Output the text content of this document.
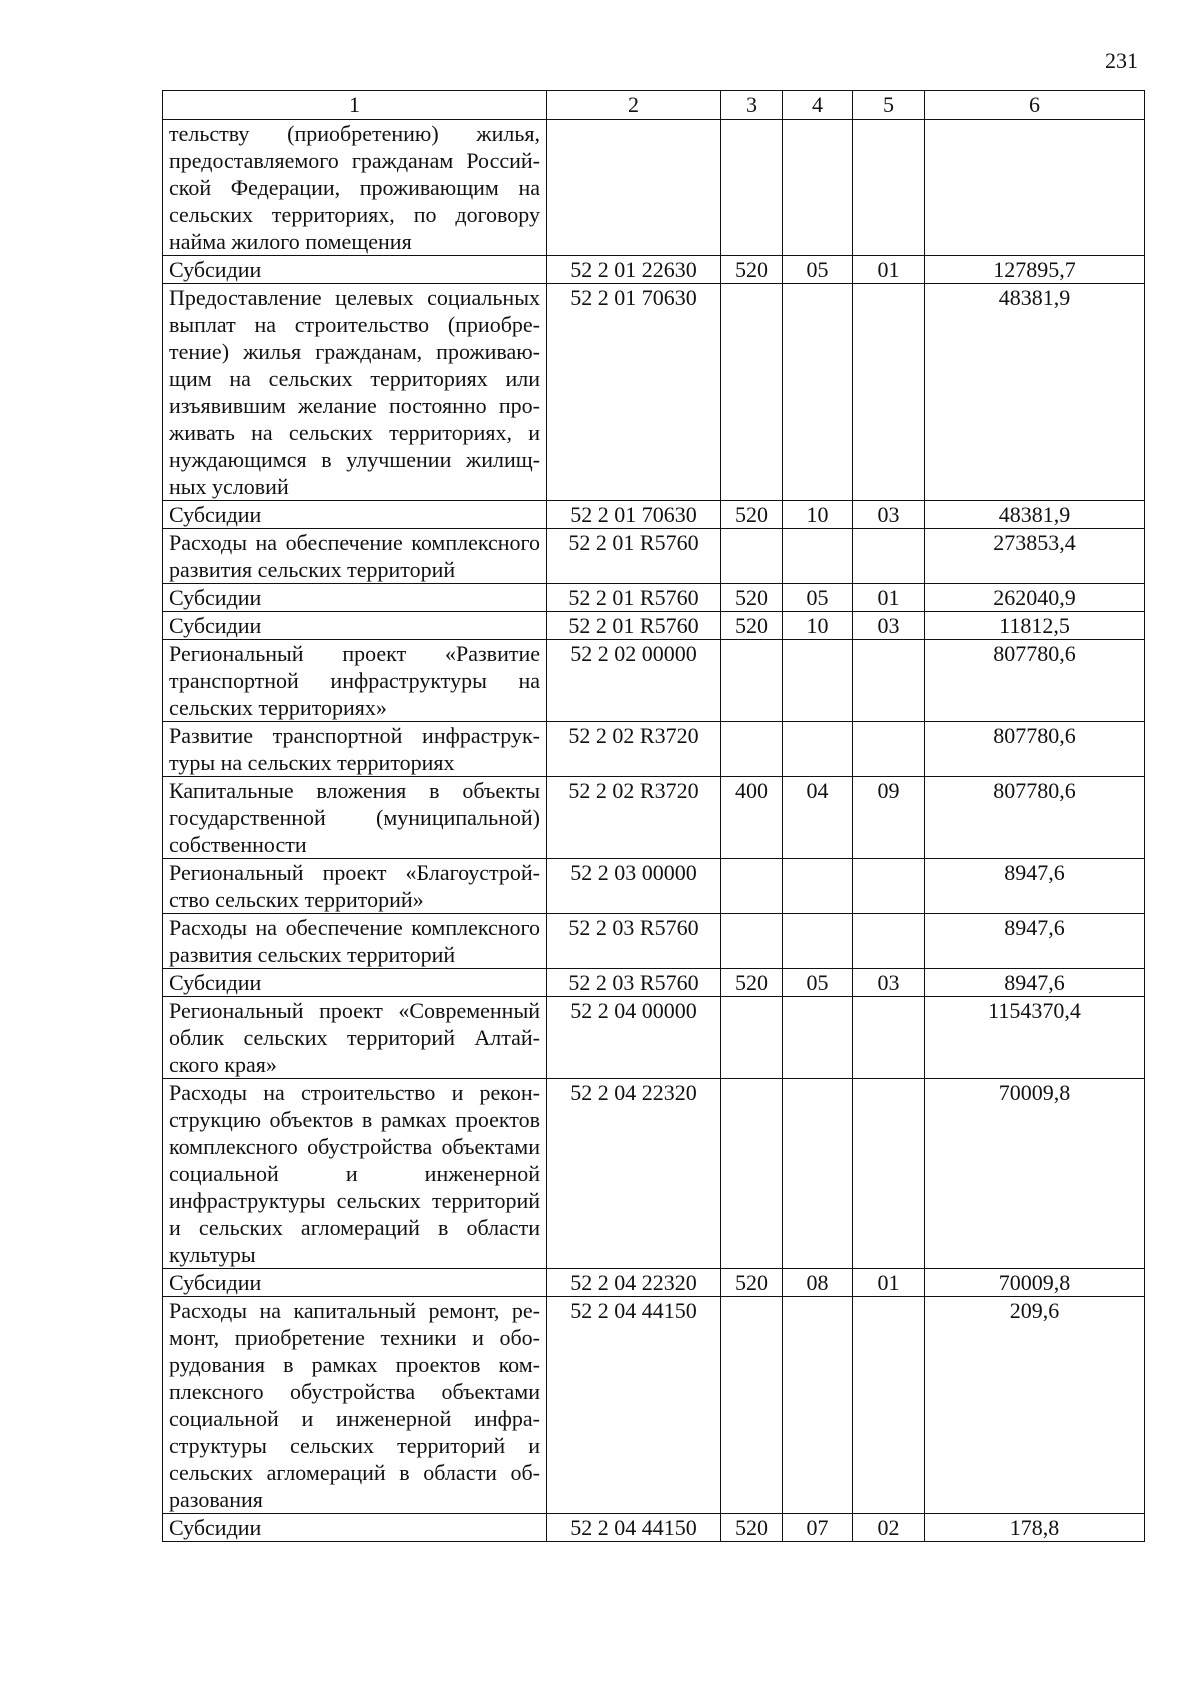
231
1	2	3	4	5	6
тельству (приобретению) жилья, предоставляемого гражданам Российской Федерации, проживающим на сельских территориях, по договору найма жилого помещения					
Субсидии	52 2 01 22630	520	05	01	127895,7
Предоставление целевых социальных выплат на строительство (приобретение) жилья гражданам, проживающим на сельских территориях или изъявившим желание постоянно проживать на сельских территориях, и нуждающимся в улучшении жилищных условий	52 2 01 70630				48381,9
Субсидии	52 2 01 70630	520	10	03	48381,9
Расходы на обеспечение комплексного развития сельских территорий	52 2 01 R5760				273853,4
Субсидии	52 2 01 R5760	520	05	01	262040,9
Субсидии	52 2 01 R5760	520	10	03	11812,5
Региональный проект «Развитие транспортной инфраструктуры на сельских территориях»	52 2 02 00000				807780,6
Развитие транспортной инфраструктуры на сельских территориях	52 2 02 R3720				807780,6
Капитальные вложения в объекты государственной (муниципальной) собственности	52 2 02 R3720	400	04	09	807780,6
Региональный проект «Благоустройство сельских территорий»	52 2 03 00000				8947,6
Расходы на обеспечение комплексного развития сельских территорий	52 2 03 R5760				8947,6
Субсидии	52 2 03 R5760	520	05	03	8947,6
Региональный проект «Современный облик сельских территорий Алтайского края»	52 2 04 00000				1154370,4
Расходы на строительство и реконструкцию объектов в рамках проектов комплексного обустройства объектами социальной и инженерной инфраструктуры сельских территорий и сельских агломераций в области культуры	52 2 04 22320				70009,8
Субсидии	52 2 04 22320	520	08	01	70009,8
Расходы на капитальный ремонт, ремонт, приобретение техники и оборудования в рамках проектов комплексного обустройства объектами социальной и инженерной инфраструктуры сельских территорий и сельских агломераций в области образования	52 2 04 44150				209,6
Субсидии	52 2 04 44150	520	07	02	178,8
